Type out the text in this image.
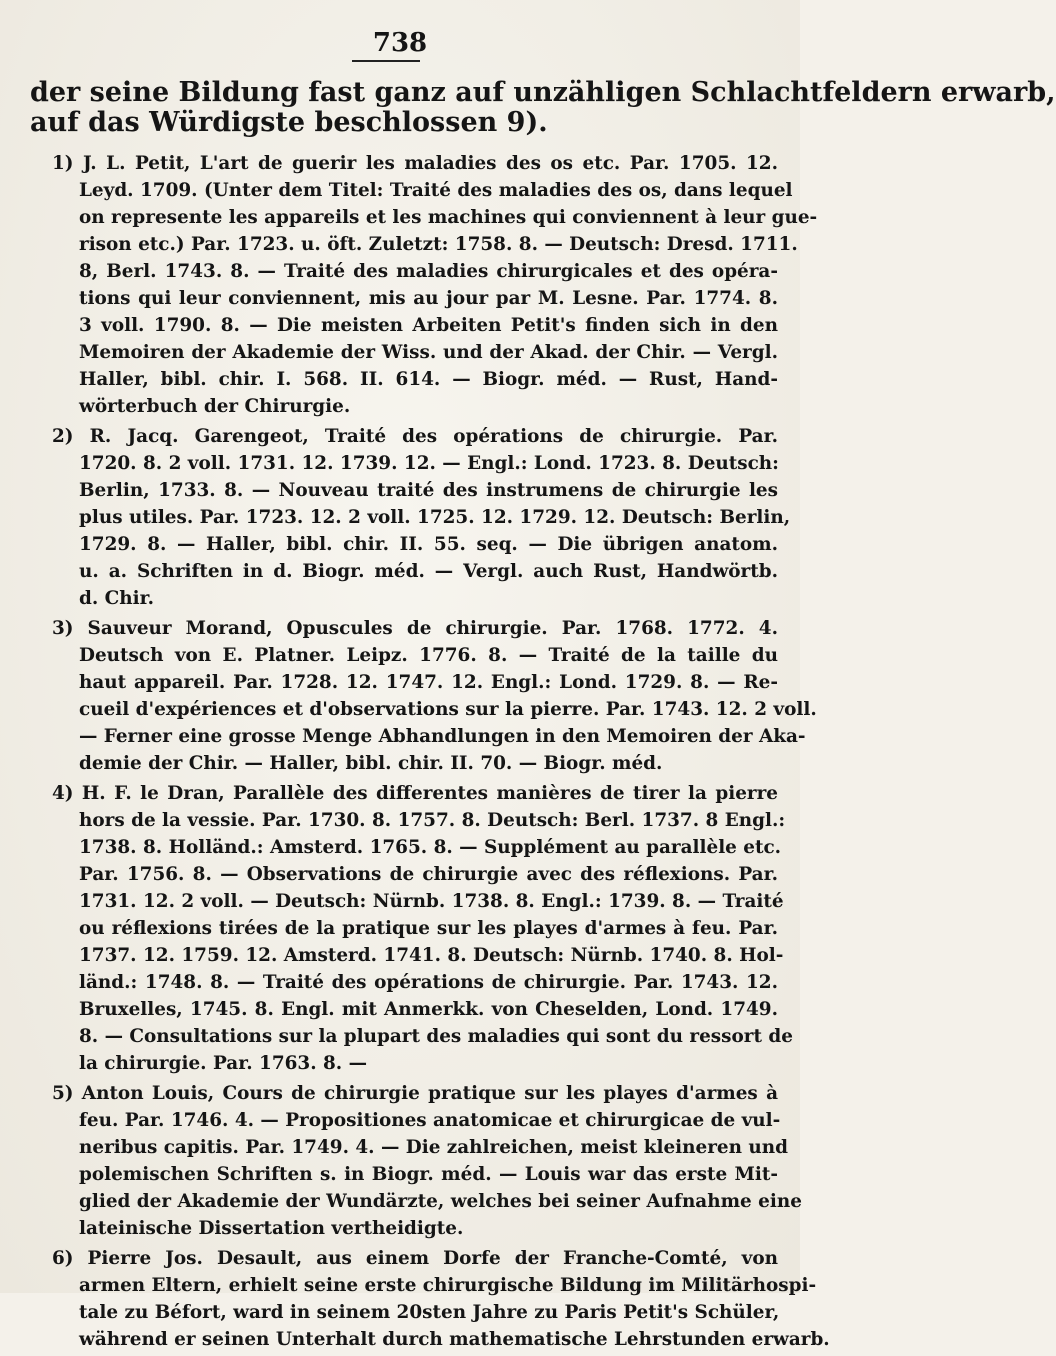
738
der seine Bildung fast ganz auf unzähligen Schlachtfeldern erwarb,
auf das Würdigste beschlossen 9).
1) J. L. Petit, L'art de guerir les maladies des os etc. Par. 1705. 12.
Leyd. 1709. (Unter dem Titel: Traité des maladies des os, dans lequel
on represente les appareils et les machines qui conviennent à leur gue-
rison etc.) Par. 1723. u. öft. Zuletzt: 1758. 8. — Deutsch: Dresd. 1711.
8, Berl. 1743. 8. — Traité des maladies chirurgicales et des opéra-
tions qui leur conviennent, mis au jour par M. Lesne. Par. 1774. 8.
3 voll. 1790. 8. — Die meisten Arbeiten Petit's finden sich in den
Memoiren der Akademie der Wiss. und der Akad. der Chir. — Vergl.
Haller, bibl. chir. I. 568. II. 614. — Biogr. méd. — Rust, Hand-
wörterbuch der Chirurgie.
2) R. Jacq. Garengeot, Traité des opérations de chirurgie. Par.
1720. 8. 2 voll. 1731. 12. 1739. 12. — Engl.: Lond. 1723. 8. Deutsch:
Berlin, 1733. 8. — Nouveau traité des instrumens de chirurgie les
plus utiles. Par. 1723. 12. 2 voll. 1725. 12. 1729. 12. Deutsch: Berlin,
1729. 8. — Haller, bibl. chir. II. 55. seq. — Die übrigen anatom.
u. a. Schriften in d. Biogr. méd. — Vergl. auch Rust, Handwörtb.
d. Chir.
3) Sauveur Morand, Opuscules de chirurgie. Par. 1768. 1772. 4.
Deutsch von E. Platner. Leipz. 1776. 8. — Traité de la taille du
haut appareil. Par. 1728. 12. 1747. 12. Engl.: Lond. 1729. 8. — Re-
cueil d'expériences et d'observations sur la pierre. Par. 1743. 12. 2 voll.
— Ferner eine grosse Menge Abhandlungen in den Memoiren der Aka-
demie der Chir. — Haller, bibl. chir. II. 70. — Biogr. méd.
4) H. F. le Dran, Parallèle des differentes manières de tirer la pierre
hors de la vessie. Par. 1730. 8. 1757. 8. Deutsch: Berl. 1737. 8 Engl.:
1738. 8. Holländ.: Amsterd. 1765. 8. — Supplément au parallèle etc.
Par. 1756. 8. — Observations de chirurgie avec des réflexions. Par.
1731. 12. 2 voll. — Deutsch: Nürnb. 1738. 8. Engl.: 1739. 8. — Traité
ou réflexions tirées de la pratique sur les playes d'armes à feu. Par.
1737. 12. 1759. 12. Amsterd. 1741. 8. Deutsch: Nürnb. 1740. 8. Hol-
länd.: 1748. 8. — Traité des opérations de chirurgie. Par. 1743. 12.
Bruxelles, 1745. 8. Engl. mit Anmerkk. von Cheselden, Lond. 1749.
8. — Consultations sur la plupart des maladies qui sont du ressort de
la chirurgie. Par. 1763. 8. —
5) Anton Louis, Cours de chirurgie pratique sur les playes d'armes à
feu. Par. 1746. 4. — Propositiones anatomicae et chirurgicae de vul-
neribus capitis. Par. 1749. 4. — Die zahlreichen, meist kleineren und
polemischen Schriften s. in Biogr. méd. — Louis war das erste Mit-
glied der Akademie der Wundärzte, welches bei seiner Aufnahme eine
lateinische Dissertation vertheidigte.
6) Pierre Jos. Desault, aus einem Dorfe der Franche-Comté, von
armen Eltern, erhielt seine erste chirurgische Bildung im Militärhospi-
tale zu Béfort, ward in seinem 20sten Jahre zu Paris Petit's Schüler,
während er seinen Unterhalt durch mathematische Lehrstunden erwarb.
